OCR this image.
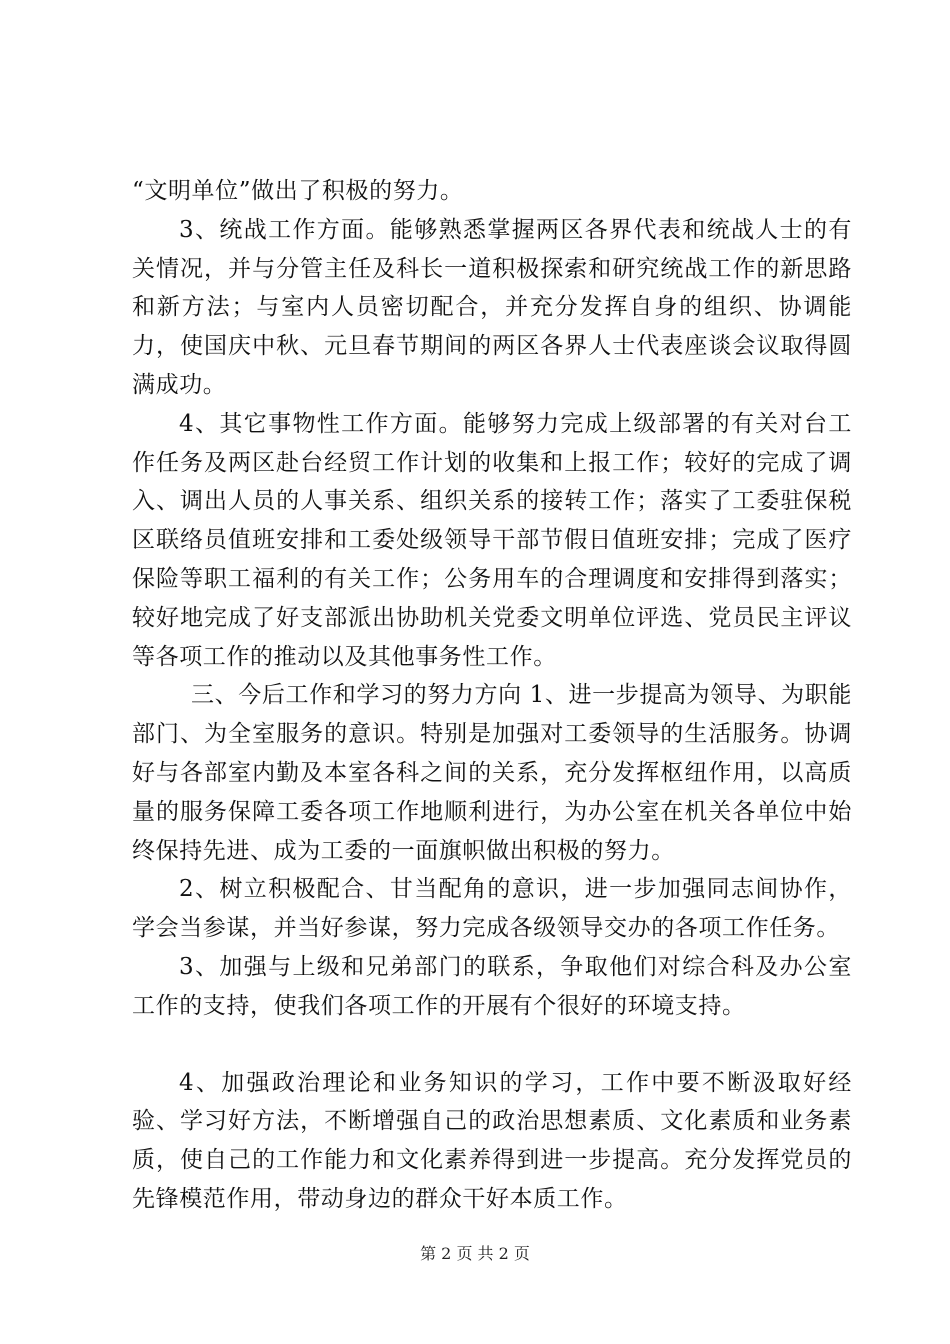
“文明单位”做出了积极的努力。

3、统战工作方面。能够熟悉掌握两区各界代表和统战人士的有关情况，并与分管主任及科长一道积极探索和研究统战工作的新思路和新方法；与室内人员密切配合，并充分发挥自身的组织、协调能力，使国庆中秋、元旦春节期间的两区各界人士代表座谈会议取得圆满成功。

4、其它事物性工作方面。能够努力完成上级部署的有关对台工作任务及两区赴台经贸工作计划的收集和上报工作；较好的完成了调入、调出人员的人事关系、组织关系的接转工作；落实了工委驻保税区联络员值班安排和工委处级领导干部节假日值班安排；完成了医疗保险等职工福利的有关工作；公务用车的合理调度和安排得到落实；较好地完成了好支部派出协助机关党委文明单位评选、党员民主评议等各项工作的推动以及其他事务性工作。

三、今后工作和学习的努力方向 1、进一步提高为领导、为职能部门、为全室服务的意识。特别是加强对工委领导的生活服务。协调好与各部室内勤及本室各科之间的关系，充分发挥枢纽作用，以高质量的服务保障工委各项工作地顺利进行，为办公室在机关各单位中始终保持先进、成为工委的一面旗帜做出积极的努力。

2、树立积极配合、甘当配角的意识，进一步加强同志间协作，学会当参谋，并当好参谋，努力完成各级领导交办的各项工作任务。

3、加强与上级和兄弟部门的联系，争取他们对综合科及办公室工作的支持，使我们各项工作的开展有个很好的环境支持。

4、加强政治理论和业务知识的学习，工作中要不断汲取好经验、学习好方法，不断增强自己的政治思想素质、文化素质和业务素质，使自己的工作能力和文化素养得到进一步提高。充分发挥党员的先锋模范作用，带动身边的群众干好本质工作。

第 2 页 共 2 页
